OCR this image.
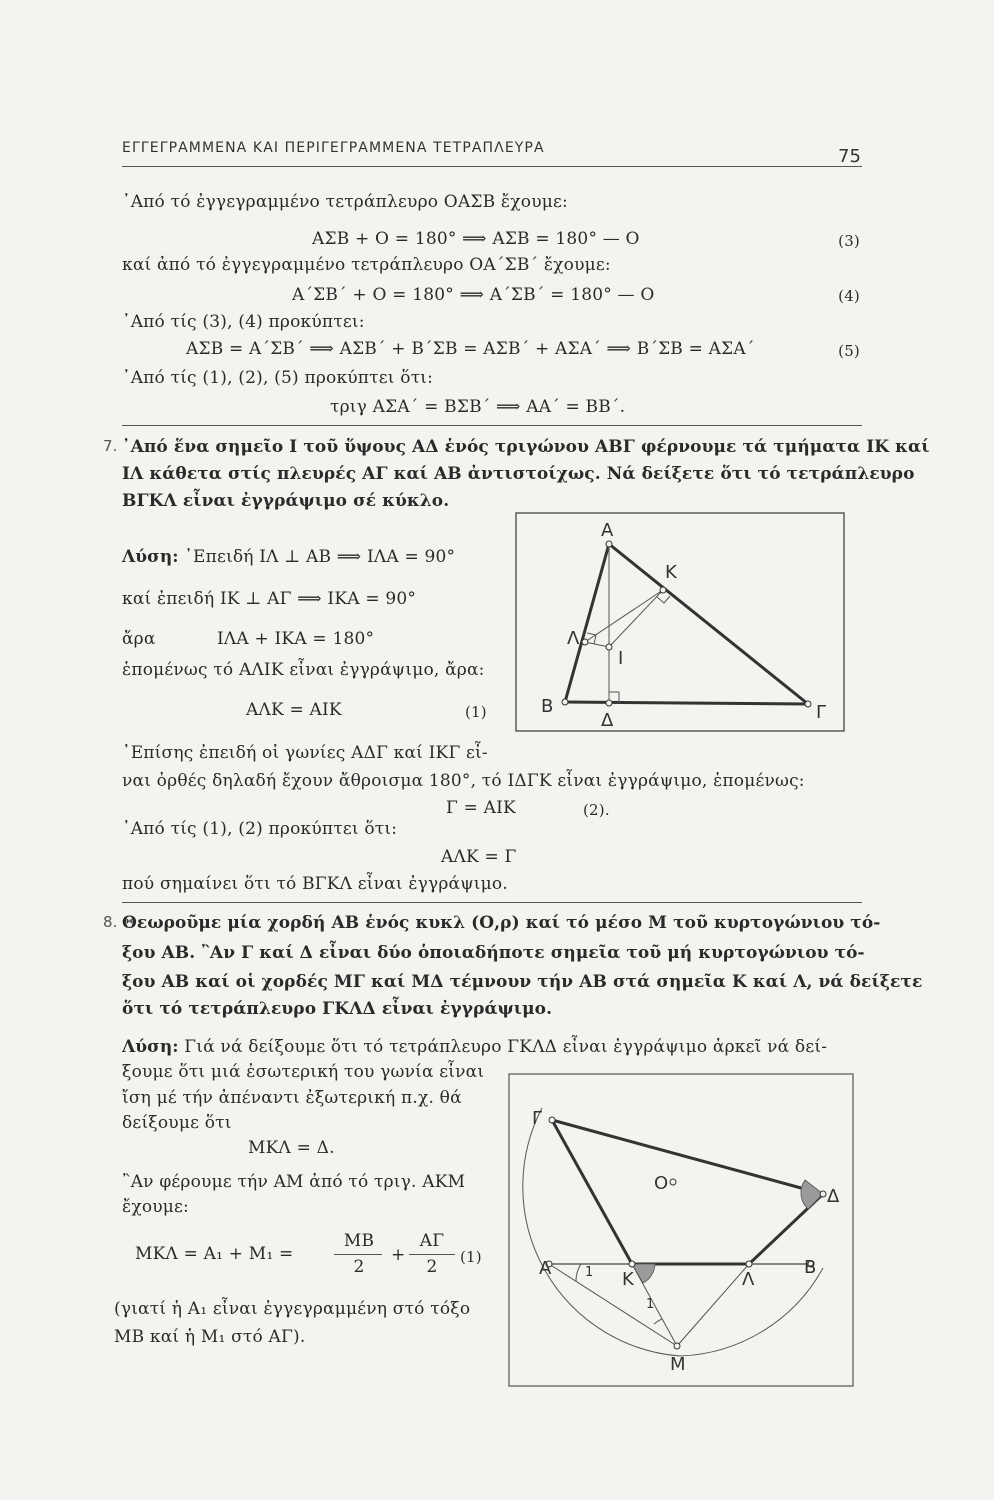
ΕΓΓΕΓΡΑΜΜΕΝΑ ΚΑΙ ΠΕΡΙΓΕΓΡΑΜΜΕΝΑ ΤΕΤΡΑΠΛΕΥΡΑ	75
᾽Από τό ἐγγεγραμμένο τετράπλευρο ΟΑΣΒ ἔχουμε:
ΑΣΒ + Ο = 180° ⟹ ΑΣΒ = 180° — Ο	(3)
καί ἀπό τό ἐγγεγραμμένο τετράπλευρο ΟΑ΄ΣΒ΄ ἔχουμε:
Α΄ΣΒ΄ + Ο = 180° ⟹ Α΄ΣΒ΄ = 180° — Ο	(4)
᾽Από τίς (3), (4) προκύπτει:
ΑΣΒ = Α΄ΣΒ΄ ⟹ ΑΣΒ΄ + Β΄ΣΒ = ΑΣΒ΄ + ΑΣΑ΄ ⟹ Β΄ΣΒ = ΑΣΑ΄	(5)
᾽Από τίς (1), (2), (5) προκύπτει ὅτι:
τριγ ΑΣΑ΄ = ΒΣΒ΄ ⟹ ΑΑ΄ = ΒΒ΄.
7. ᾽Από ἕνα σημεῖο Ι τοῦ ὕψους ΑΔ ἑνός τριγώνου ΑΒΓ φέρνουμε τά τμήματα ΙΚ καί
ΙΛ κάθετα στίς πλευρές ΑΓ καί ΑΒ ἀντιστοίχως. Νά δείξετε ὅτι τό τετράπλευρο
ΒΓΚΛ εἶναι ἐγγράψιμο σέ κύκλο.
Λύση: ᾽Επειδή ΙΛ ⊥ ΑΒ ⟹ ΙΛΑ = 90°
καί ἐπειδή ΙΚ ⊥ ΑΓ ⟹ ΙΚΑ = 90°
ἄρα	ΙΛΑ + ΙΚΑ = 180°
ἑπομένως τό ΑΛΙΚ εἶναι ἐγγράψιμο, ἄρα:
ΑΛΚ = ΑΙΚ	(1)
᾽Επίσης ἐπειδή οἱ γωνίες ΑΔΓ καί ΙΚΓ εἶ-
ναι ὀρθές δηλαδή ἔχουν ἄθροισμα 180°, τό ΙΔΓΚ εἶναι ἐγγράψιμο, ἑπομένως:
Γ = ΑΙΚ	(2).
᾽Από τίς (1), (2) προκύπτει ὅτι:
ΑΛΚ = Γ
πού σημαίνει ὅτι τό ΒΓΚΛ εἶναι ἐγγράψιμο.
Α
Κ
Λ
Ι
Β
Δ	Γ
8. Θεωροῦμε μία χορδή ΑΒ ἑνός κυκλ (Ο,ρ) καί τό μέσο Μ τοῦ κυρτογώνιου τό-
ξου ΑΒ. ῍Αν Γ καί Δ εἶναι δύο ὁποιαδήποτε σημεῖα τοῦ μή κυρτογώνιου τό-
ξου ΑΒ καί οἱ χορδές ΜΓ καί ΜΔ τέμνουν τήν ΑΒ στά σημεῖα Κ καί Λ, νά δείξετε
ὅτι τό τετράπλευρο ΓΚΛΔ εἶναι ἐγγράψιμο.
Λύση: Γιά νά δείξουμε ὅτι τό τετράπλευρο ΓΚΛΔ εἶναι ἐγγράψιμο ἀρκεῖ νά δεί-
ξουμε ὅτι μιά ἐσωτερική του γωνία εἶναι
ἴση μέ τήν ἀπέναντι ἐξωτερική π.χ. θά
δείξουμε ὅτι
ΜΚΛ = Δ.
῍Αν φέρουμε τήν ΑΜ ἀπό τό τριγ. ΑΚΜ
ἔχουμε:
ΜΚΛ = Α₁ + Μ₁ =
ΜΒ
2
+
ΑΓ
2	(1)
(γιατί ἡ Α₁ εἶναι ἐγγεγραμμένη στό τόξο
ΜΒ καί ἡ Μ₁ στό ΑΓ).
Γ
Ο
Δ
Α	1 Κ	Λ
Β
1
Μ
